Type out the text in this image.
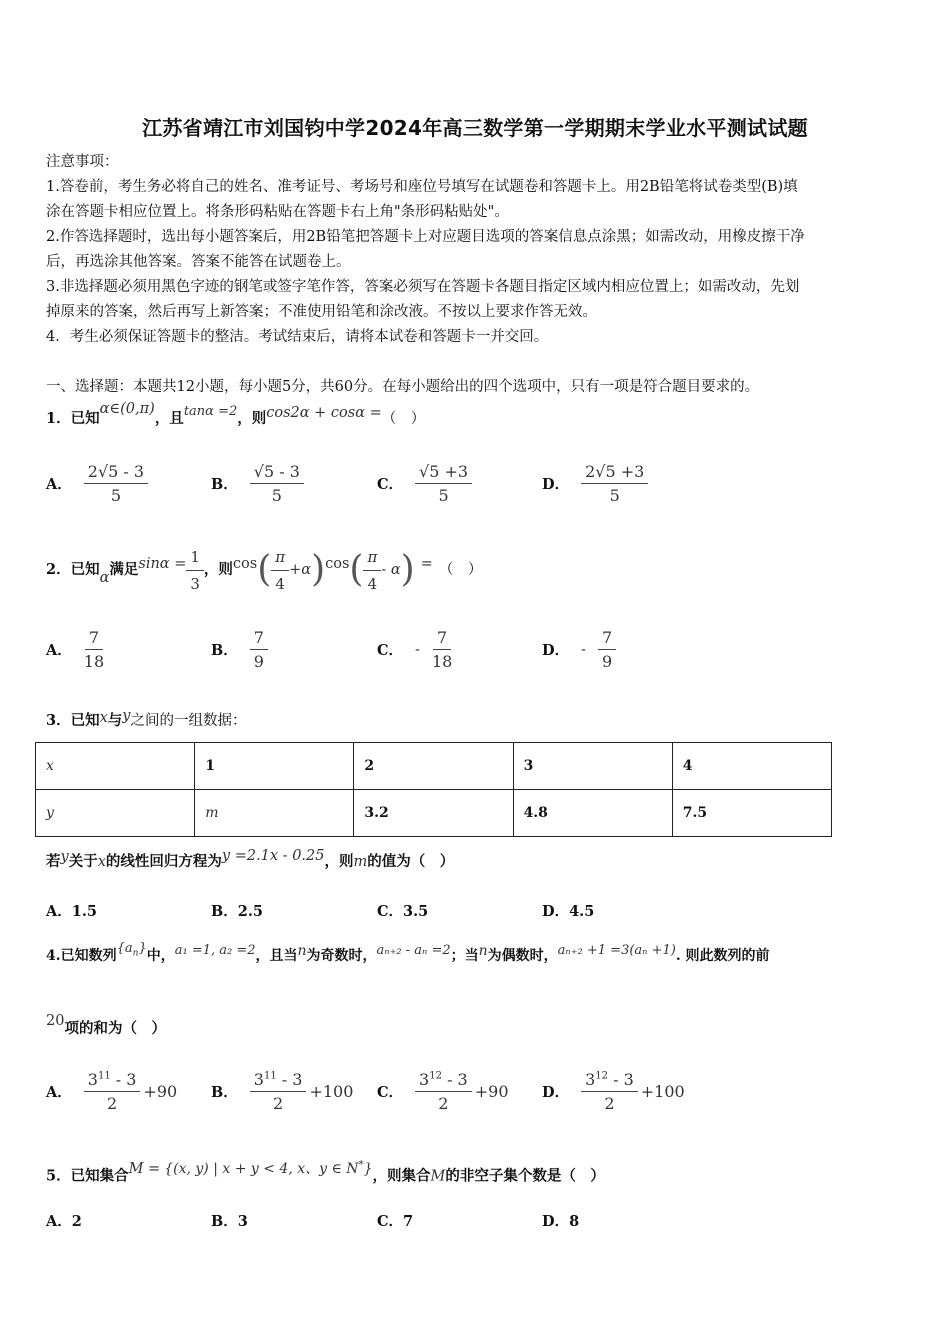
江苏省靖江市刘国钧中学2024年高三数学第一学期期末学业水平测试试题
注意事项：
1.答卷前，考生务必将自己的姓名、准考证号、考场号和座位号填写在试题卷和答题卡上。用2B铅笔将试卷类型(B)填
涂在答题卡相应位置上。将条形码粘贴在答题卡右上角"条形码粘贴处"。
2.作答选择题时，选出每小题答案后，用2B铅笔把答题卡上对应题目选项的答案信息点涂黑；如需改动，用橡皮擦干净
后，再选涂其他答案。答案不能答在试题卷上。
3.非选择题必须用黑色字迹的钢笔或签字笔作答，答案必须写在答题卡各题目指定区域内相应位置上；如需改动，先划
掉原来的答案，然后再写上新答案；不准使用铅笔和涂改液。不按以上要求作答无效。
4．考生必须保证答题卡的整洁。考试结束后，请将本试卷和答题卡一并交回。
一、选择题：本题共12小题，每小题5分，共60分。在每小题给出的四个选项中，只有一项是符合题目要求的。
1．已知α∈(0,π)，且tanα =2，则cos2α + cosα =（　）
A． $\frac{2√5 - 3}{5}$	B． $\frac{√5 - 3}{5}$	C． $\frac{√5 +3}{5}$	D． $\frac{2√5 +3}{5}$
2．已知 α 满足 $\sin\alpha = \frac{1}{3}$ ，则 cos ( $\frac{\pi}{4} +\alpha$ ) cos ( $\frac{\pi}{4}$ - α ) = （　）
A． $\frac{7}{18}$	B． $\frac{7}{9}$	C． - $\frac{7}{18}$	D． - $\frac{7}{9}$
3．已知x与y之间的一组数据：
x	1	2	3	4
y	m	3.2	4.8	7.5
若y关于x的线性回归方程为y =2.1x - 0.25，则m的值为（　）
A．1.5	B．2.5	C．3.5	D．4.5
4.已知数列$\{a_n\}$中，a₁ =1, a₂ =2，且当n为奇数时，aₙ₊₂ - aₙ =2；当n为偶数时，aₙ₊₂ +1 =3(aₙ +1). 则此数列的前
20项的和为（　）
A． $\frac{3^{11} - 3}{2} +90$ B． $\frac{3^{11} - 3}{2} +100$ C． $\frac{3^{12} - 3}{2} +90$ D． $\frac{3^{12} - 3}{2} +100$
5．已知集合M = {(x, y) | x + y < 4, x、y ∈ N*}，则集合M的非空子集个数是（　）
A．2	B．3	C．7	D．8
